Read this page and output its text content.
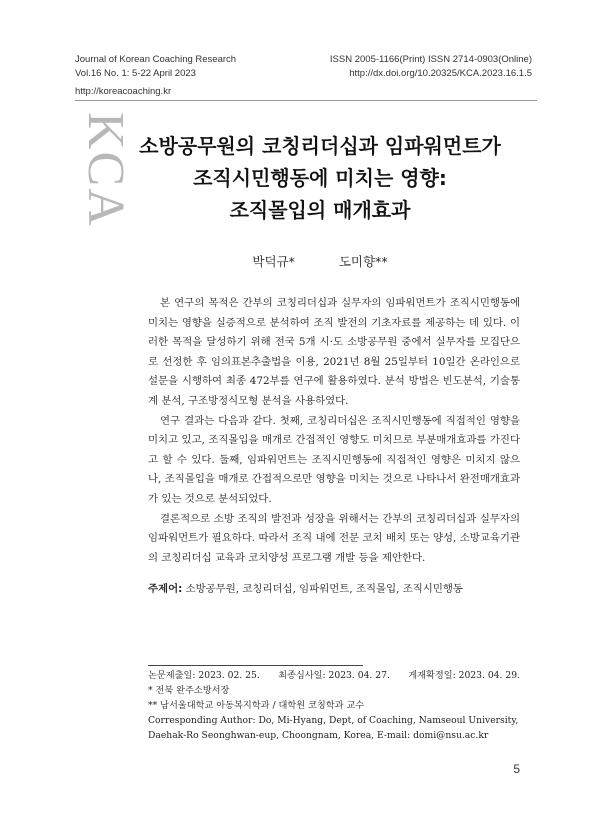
Journal of Korean Coaching Research
Vol.16 No. 1: 5-22 April 2023
ISSN 2005-1166(Print) ISSN 2714-0903(Online)
http://dx.doi.org/10.20325/KCA.2023.16.1.5
http://koreacoaching.kr
KCA 소방공무원의 코칭리더십과 임파워먼트가
조직시민행동에 미치는 영향:
조직몰입의 매개효과
박덕규* 도미향**

본 연구의 목적은 간부의 코칭리더십과 실무자의 임파워먼트가 조직시민행동에 미치는 영향을 실증적으로 분석하여 조직 발전의 기초자료를 제공하는 데 있다. 이러한 목적을 달성하기 위해 전국 5개 시·도 소방공무원 중에서 실무자를 모집단으로 선정한 후 임의표본추출법을 이용, 2021년 8월 25일부터 10일간 온라인으로 설문을 시행하여 최종 472부를 연구에 활용하였다. 분석 방법은 빈도분석, 기술통계 분석, 구조방정식모형 분석을 사용하였다.

연구 결과는 다음과 같다. 첫째, 코칭리더십은 조직시민행동에 직접적인 영향을 미치고 있고, 조직몰입을 매개로 간접적인 영향도 미치므로 부분매개효과를 가진다고 할 수 있다. 둘째, 임파워먼트는 조직시민행동에 직접적인 영향은 미치지 않으나, 조직몰입을 매개로 간접적으로만 영향을 미치는 것으로 나타나서 완전매개효과가 있는 것으로 분석되었다.

결론적으로 소방 조직의 발전과 성장을 위해서는 간부의 코칭리더십과 실무자의 임파워먼트가 필요하다. 따라서 조직 내에 전문 코치 배치 또는 양성, 소방교육기관의 코칭리더십 교육과 코치양성 프로그램 개발 등을 제안한다.

주제어: 소방공무원, 코칭리더십, 임파워먼트, 조직몰입, 조직시민행동
논문제출일: 2023. 02. 25. 최종심사일: 2023. 04. 27. 게재확정일: 2023. 04. 29.
* 전북 완주소방서장
** 남서울대학교 아동복지학과 / 대학원 코칭학과 교수
Corresponding Author: Do, Mi-Hyang, Dept, of Coaching, Namseoul University,
Daehak-Ro Seonghwan-eup, Choongnam, Korea, E-mail: domi@nsu.ac.kr
5
